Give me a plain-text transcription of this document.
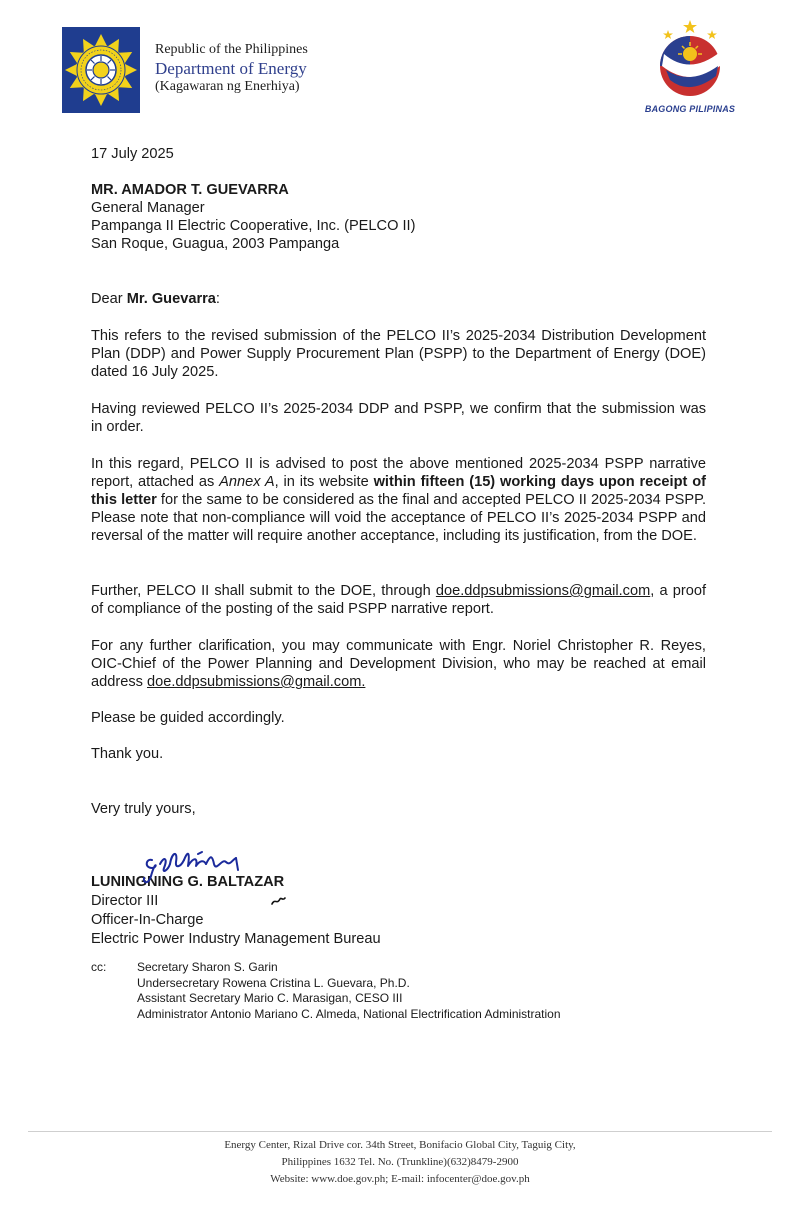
Republic of the Philippines
Department of Energy
(Kagawaran ng Enerhiya)
BAGONG PILIPINAS
17 July 2025
MR. AMADOR T. GUEVARRA
General Manager
Pampanga II Electric Cooperative, Inc. (PELCO II)
San Roque, Guagua, 2003 Pampanga
Dear Mr. Guevarra:
This refers to the revised submission of the PELCO II’s 2025-2034 Distribution Development Plan (DDP) and Power Supply Procurement Plan (PSPP) to the Department of Energy (DOE) dated 16 July 2025.
Having reviewed PELCO II’s 2025-2034 DDP and PSPP, we confirm that the submission was in order.
In this regard, PELCO II is advised to post the above mentioned 2025-2034 PSPP narrative report, attached as Annex A, in its website within fifteen (15) working days upon receipt of this letter for the same to be considered as the final and accepted PELCO II 2025-2034 PSPP. Please note that non-compliance will void the acceptance of PELCO II’s 2025-2034 PSPP and reversal of the matter will require another acceptance, including its justification, from the DOE.
Further, PELCO II shall submit to the DOE, through doe.ddpsubmissions@gmail.com, a proof of compliance of the posting of the said PSPP narrative report.
For any further clarification, you may communicate with Engr. Noriel Christopher R. Reyes, OIC-Chief of the Power Planning and Development Division, who may be reached at email address doe.ddpsubmissions@gmail.com.
Please be guided accordingly.
Thank you.
Very truly yours,
LUNINGNING G. BALTAZAR
Director III
Officer-In-Charge
Electric Power Industry Management Bureau
cc:	Secretary Sharon S. Garin
Undersecretary Rowena Cristina L. Guevara, Ph.D.
Assistant Secretary Mario C. Marasigan, CESO III
Administrator Antonio Mariano C. Almeda, National Electrification Administration
Energy Center, Rizal Drive cor. 34th Street, Bonifacio Global City, Taguig City,
Philippines 1632 Tel. No. (Trunkline)(632)8479-2900
Website: www.doe.gov.ph; E-mail: infocenter@doe.gov.ph
